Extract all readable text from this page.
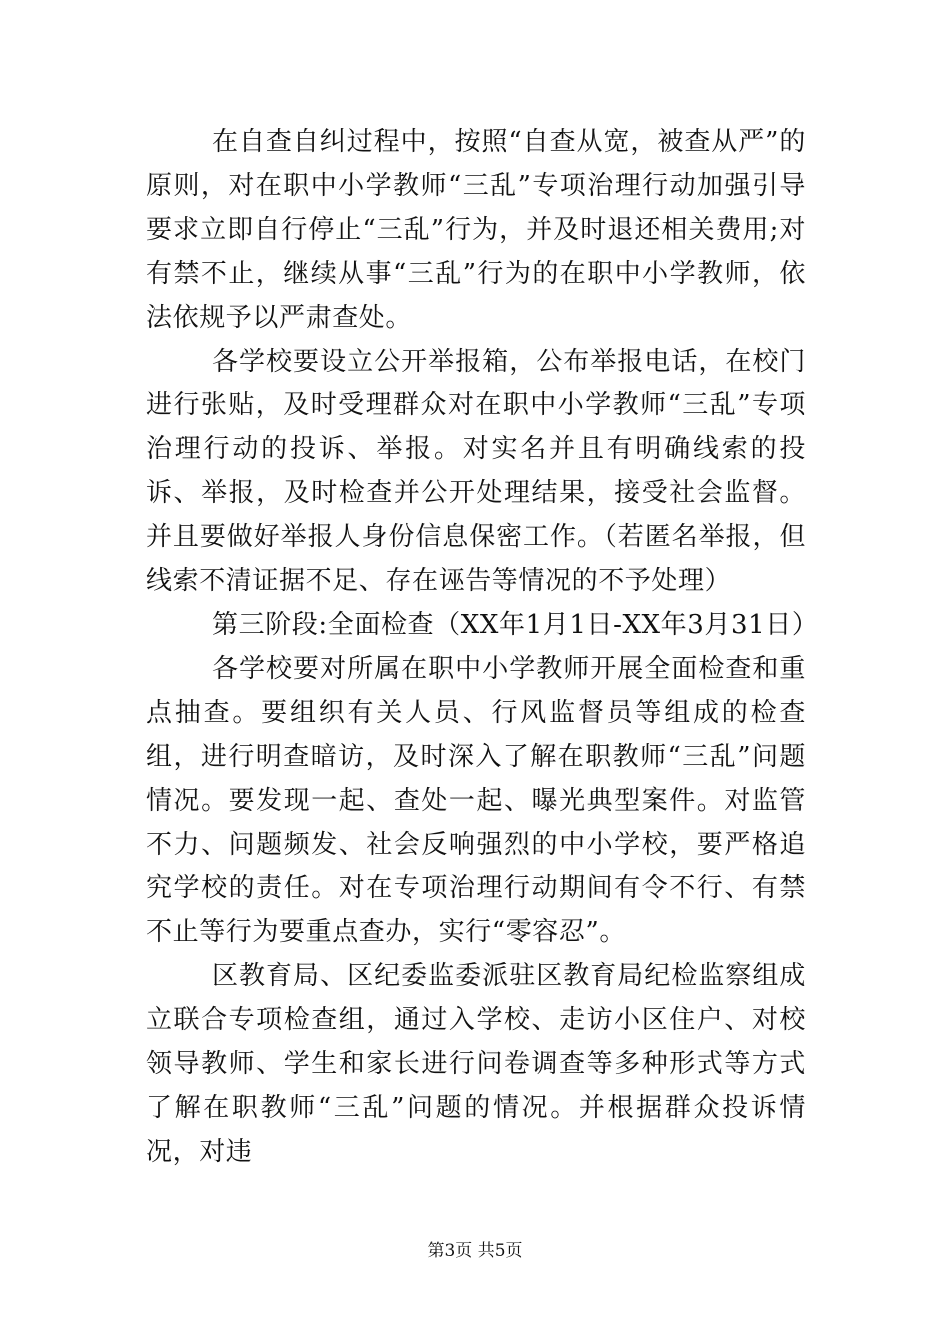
在自查自纠过程中，按照“自查从宽，被查从严”的原则，对在职中小学教师“三乱”专项治理行动加强引导要求立即自行停止“三乱”行为，并及时退还相关费用;对有禁不止，继续从事“三乱”行为的在职中小学教师，依法依规予以严肃查处。

各学校要设立公开举报箱，公布举报电话，在校门进行张贴，及时受理群众对在职中小学教师“三乱”专项治理行动的投诉、举报。对实名并且有明确线索的投诉、举报，及时检查并公开处理结果，接受社会监督。并且要做好举报人身份信息保密工作。（若匿名举报，但线索不清证据不足、存在诬告等情况的不予处理）

第三阶段:全面检查（XX年1月1日-XX年3月31日）

各学校要对所属在职中小学教师开展全面检查和重点抽查。要组织有关人员、行风监督员等组成的检查组，进行明查暗访，及时深入了解在职教师“三乱”问题情况。要发现一起、查处一起、曝光典型案件。对监管不力、问题频发、社会反响强烈的中小学校，要严格追究学校的责任。对在专项治理行动期间有令不行、有禁不止等行为要重点查办，实行“零容忍”。

区教育局、区纪委监委派驻区教育局纪检监察组成立联合专项检查组，通过入学校、走访小区住户、对校领导教师、学生和家长进行问卷调查等多种形式等方式了解在职教师“三乱”问题的情况。并根据群众投诉情况，对违

第3页 共5页
